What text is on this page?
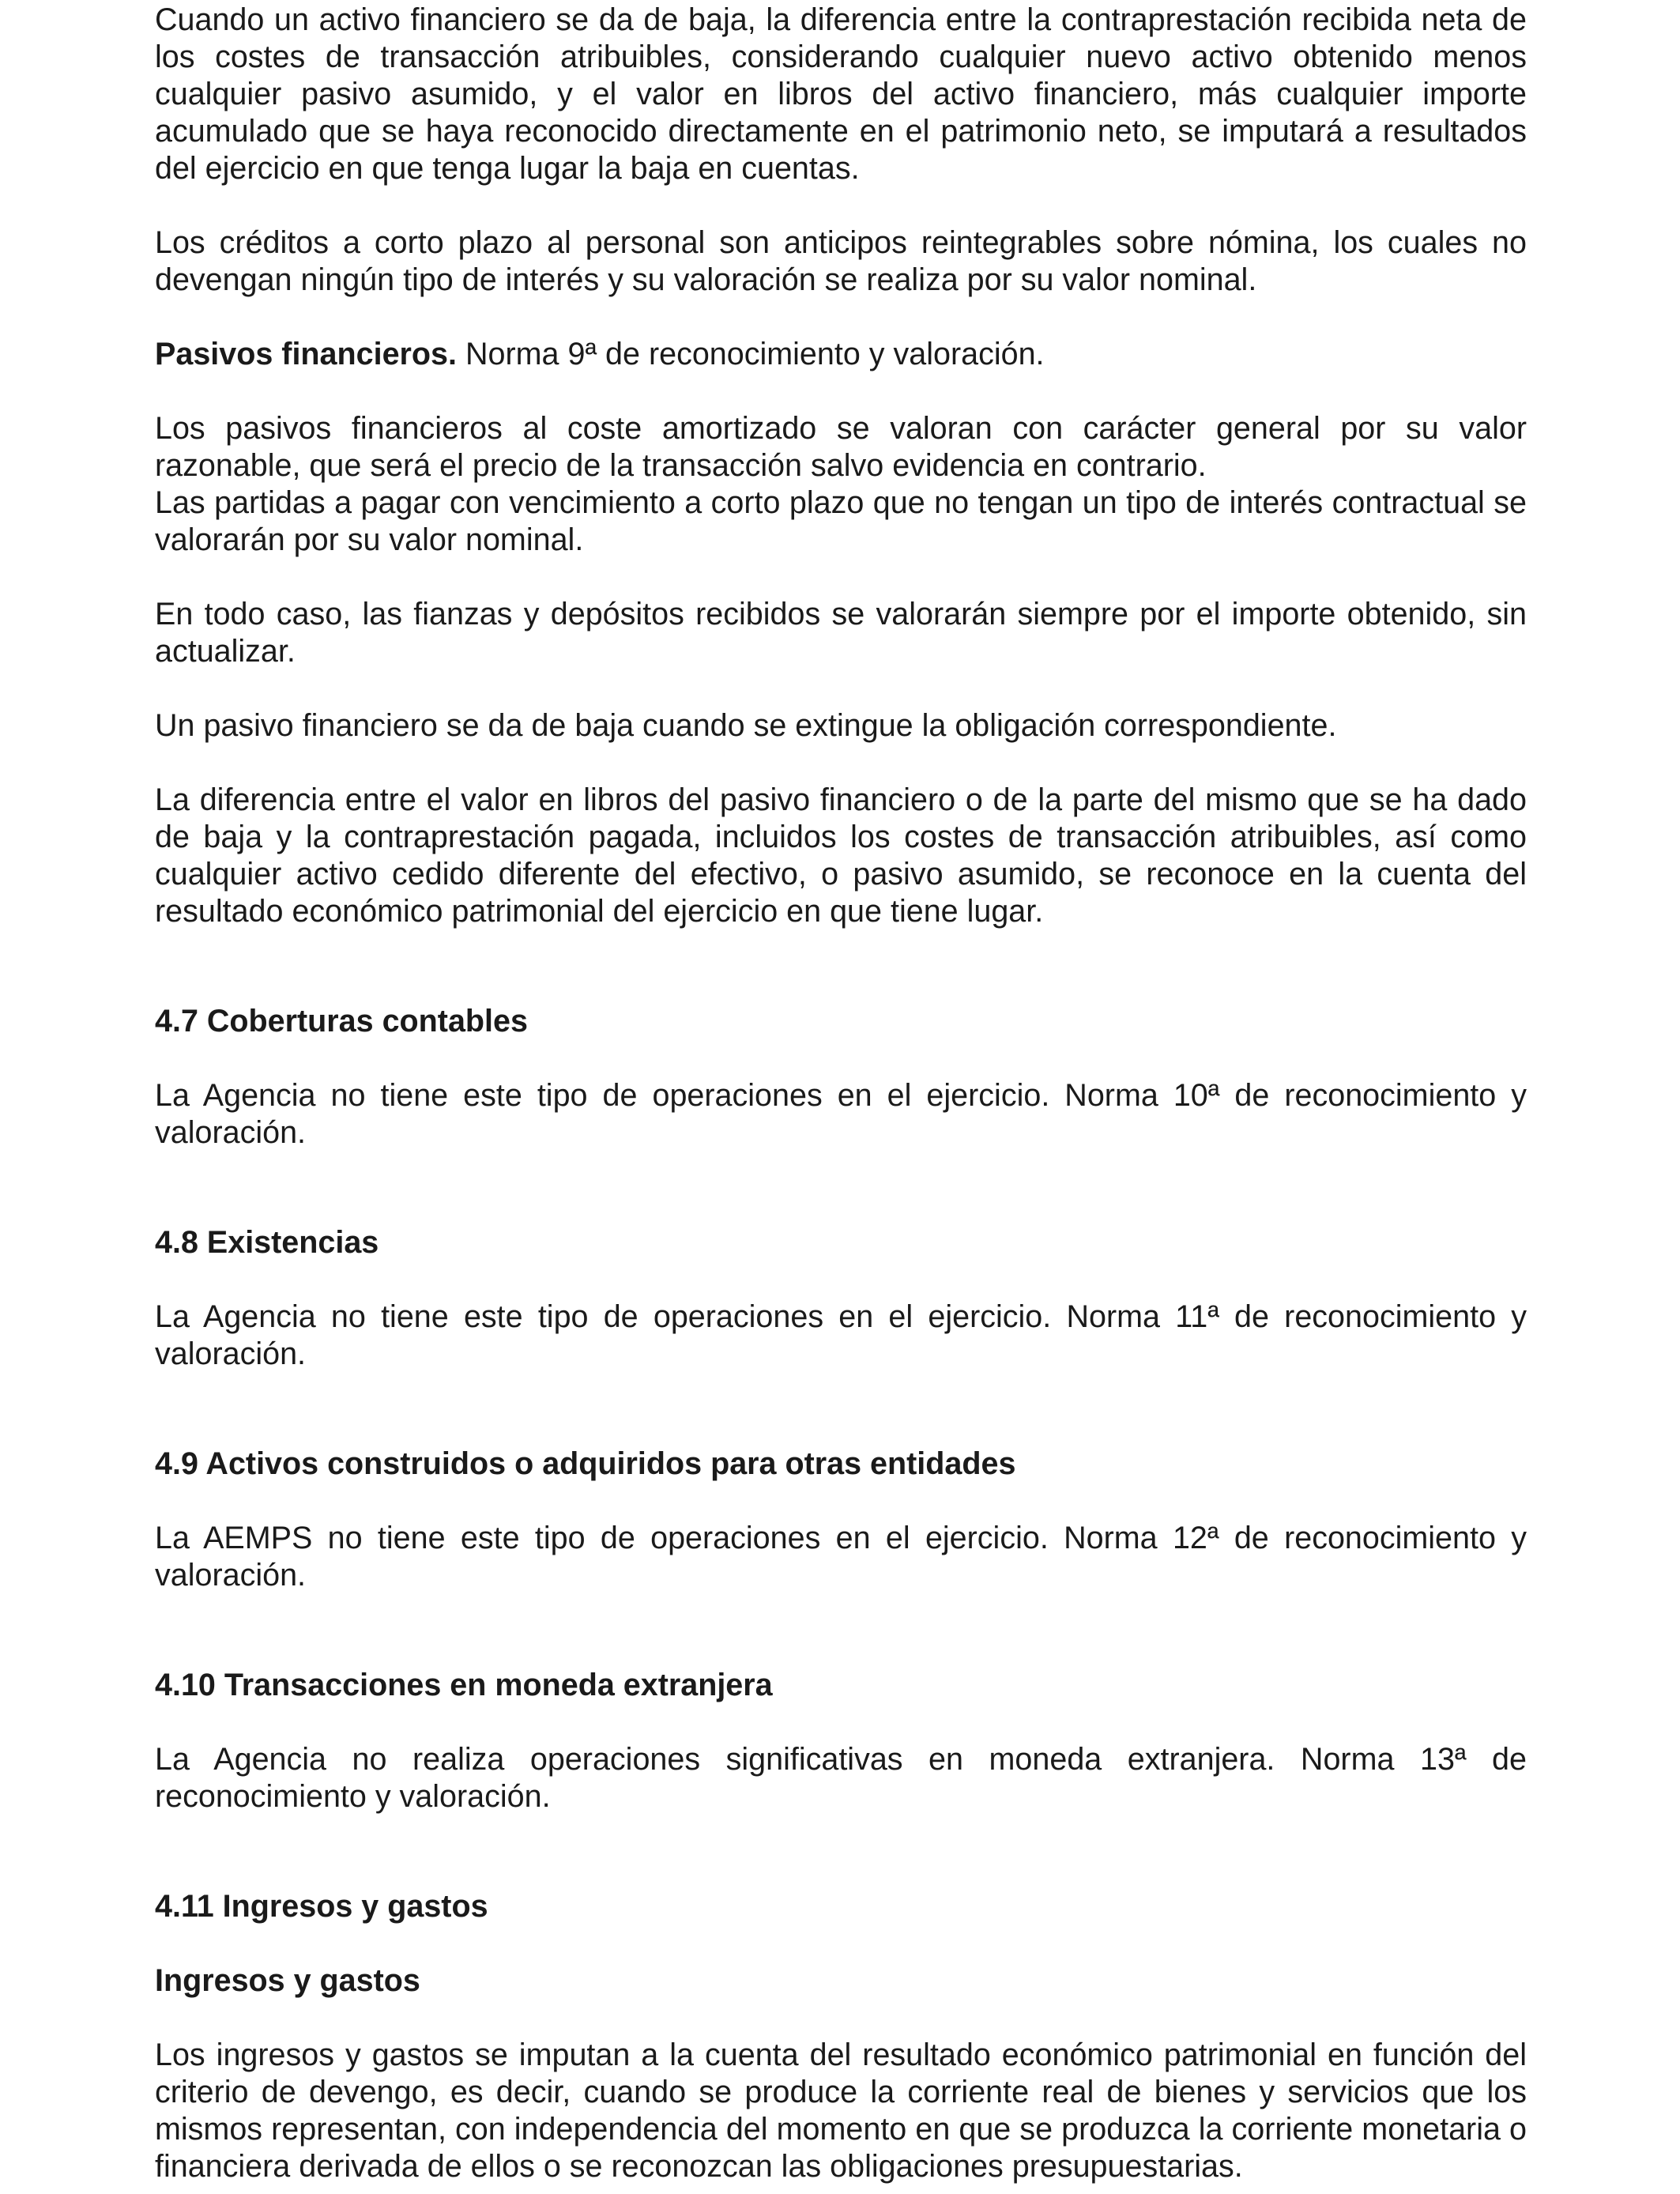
Cuando un activo financiero se da de baja, la diferencia entre la contraprestación recibida neta de los costes de transacción atribuibles, considerando cualquier nuevo activo obtenido menos cualquier pasivo asumido, y el valor en libros del activo financiero, más cualquier importe acumulado que se haya reconocido directamente en el patrimonio neto, se imputará a resultados del ejercicio en que tenga lugar la baja en cuentas.

Los créditos a corto plazo al personal son anticipos reintegrables sobre nómina, los cuales no devengan ningún tipo de interés y su valoración se realiza por su valor nominal.

Pasivos financieros. Norma 9ª de reconocimiento y valoración.

Los pasivos financieros al coste amortizado se valoran con carácter general por su valor razonable, que será el precio de la transacción salvo evidencia en contrario.

Las partidas a pagar con vencimiento a corto plazo que no tengan un tipo de interés contractual se valorarán por su valor nominal.

En todo caso, las fianzas y depósitos recibidos se valorarán siempre por el importe obtenido, sin actualizar.

Un pasivo financiero se da de baja cuando se extingue la obligación correspondiente.

La diferencia entre el valor en libros del pasivo financiero o de la parte del mismo que se ha dado de baja y la contraprestación pagada, incluidos los costes de transacción atribuibles, así como cualquier activo cedido diferente del efectivo, o pasivo asumido, se reconoce en la cuenta del resultado económico patrimonial del ejercicio en que tiene lugar.

4.7 Coberturas contables

La Agencia no tiene este tipo de operaciones en el ejercicio. Norma 10ª de reconocimiento y valoración.

4.8 Existencias

La Agencia no tiene este tipo de operaciones en el ejercicio. Norma 11ª de reconocimiento y valoración.

4.9 Activos construidos o adquiridos para otras entidades

La AEMPS no tiene este tipo de operaciones en el ejercicio. Norma 12ª de reconocimiento y valoración.

4.10 Transacciones en moneda extranjera

La Agencia no realiza operaciones significativas en moneda extranjera. Norma 13ª de reconocimiento y valoración.

4.11 Ingresos y gastos
Ingresos y gastos

Los ingresos y gastos se imputan a la cuenta del resultado económico patrimonial en función del criterio de devengo, es decir, cuando se produce la corriente real de bienes y servicios que los mismos representan, con independencia del momento en que se produzca la corriente monetaria o financiera derivada de ellos o se reconozcan las obligaciones presupuestarias.
